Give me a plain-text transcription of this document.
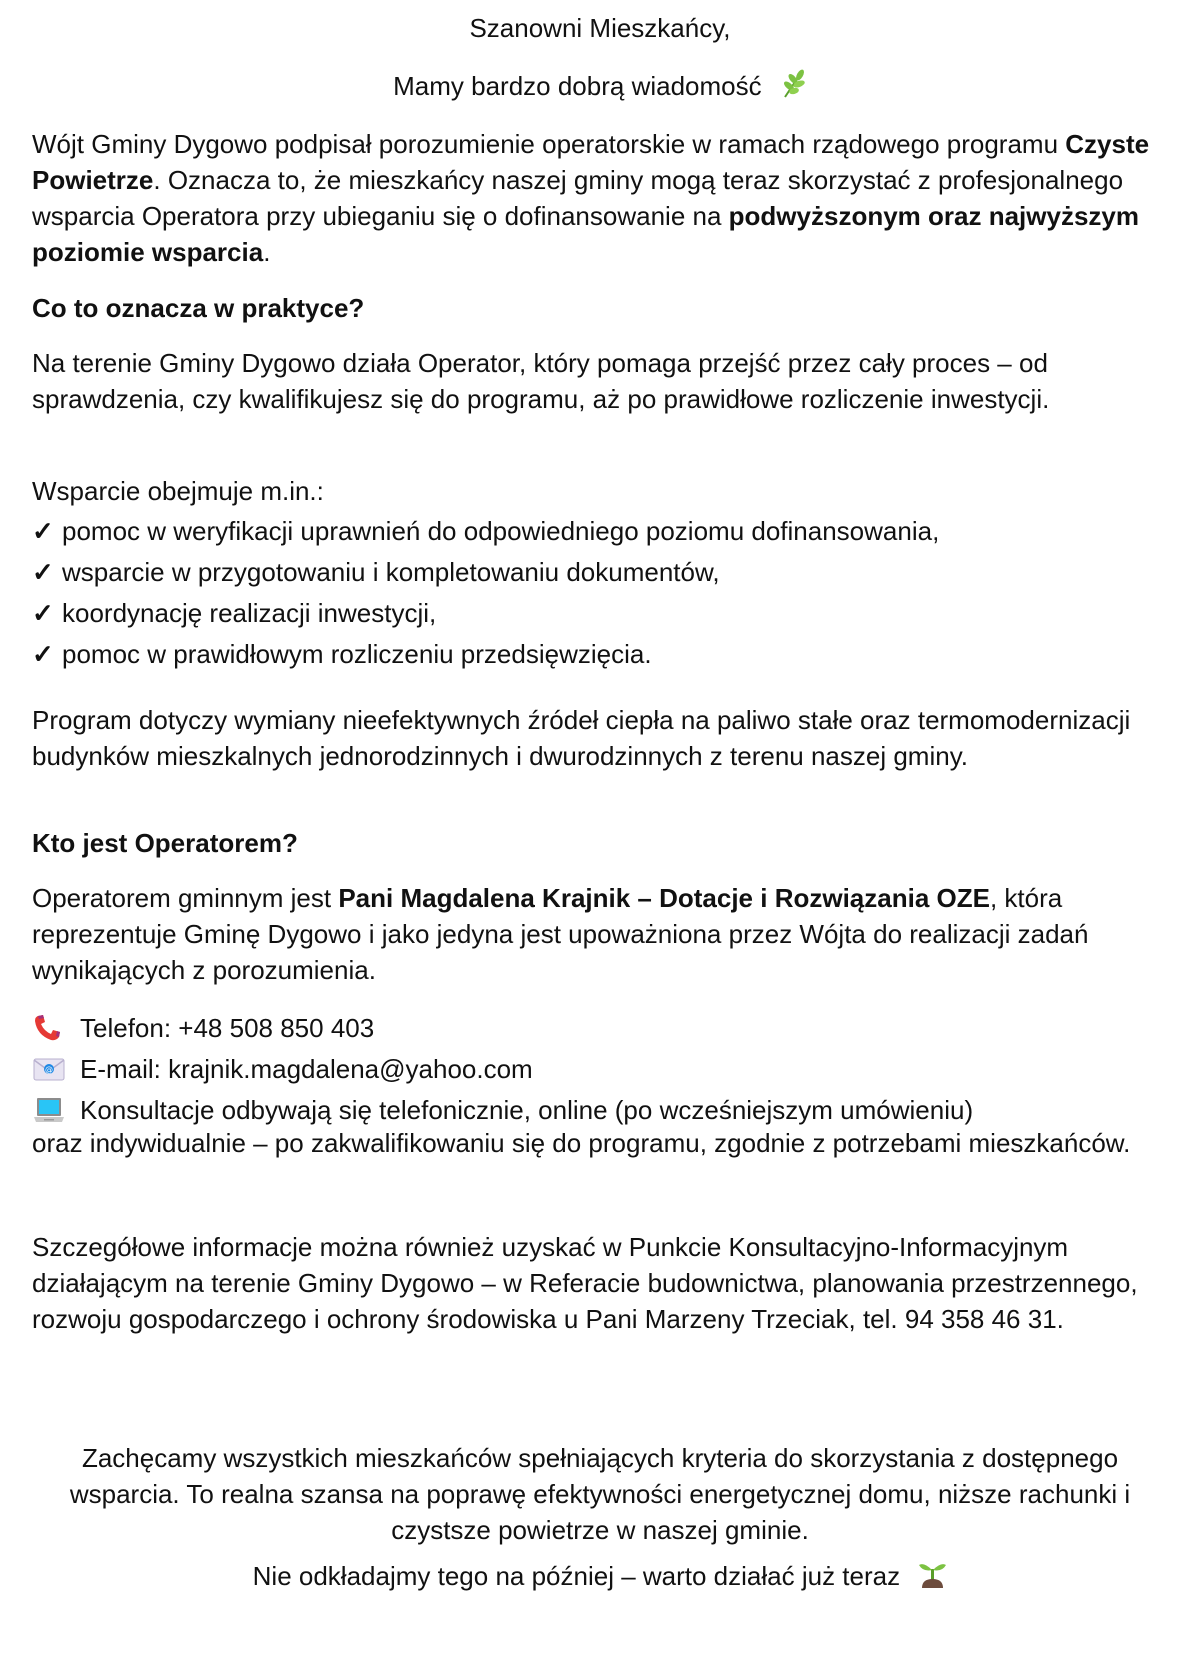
Szanowni Mieszkańcy,

Mamy bardzo dobrą wiadomość

Wójt Gminy Dygowo podpisał porozumienie operatorskie w ramach rządowego programu Czyste Powietrze. Oznacza to, że mieszkańcy naszej gminy mogą teraz skorzystać z profesjonalnego wsparcia Operatora przy ubieganiu się o dofinansowanie na podwyższonym oraz najwyższym poziomie wsparcia.

Co to oznacza w praktyce?

Na terenie Gminy Dygowo działa Operator, który pomaga przejść przez cały proces – od sprawdzenia, czy kwalifikujesz się do programu, aż po prawidłowe rozliczenie inwestycji.

Wsparcie obejmuje m.in.:

✓ pomoc w weryfikacji uprawnień do odpowiedniego poziomu dofinansowania,
✓ wsparcie w przygotowaniu i kompletowaniu dokumentów,
✓ koordynację realizacji inwestycji,
✓ pomoc w prawidłowym rozliczeniu przedsięwzięcia.

Program dotyczy wymiany nieefektywnych źródeł ciepła na paliwo stałe oraz termomodernizacji budynków mieszkalnych jednorodzinnych i dwurodzinnych z terenu naszej gminy.

Kto jest Operatorem?

Operatorem gminnym jest Pani Magdalena Krajnik – Dotacje i Rozwiązania OZE, która reprezentuje Gminę Dygowo i jako jedyna jest upoważniona przez Wójta do realizacji zadań wynikających z porozumienia.

Telefon: +48 508 850 403
@ E-mail: krajnik.magdalena@yahoo.com
Konsultacje odbywają się telefonicznie, online (po wcześniejszym umówieniu)

oraz indywidualnie – po zakwalifikowaniu się do programu, zgodnie z potrzebami mieszkańców.

Szczegółowe informacje można również uzyskać w Punkcie Konsultacyjno-Informacyjnym działającym na terenie Gminy Dygowo – w Referacie budownictwa, planowania przestrzennego, rozwoju gospodarczego i ochrony środowiska u Pani Marzeny Trzeciak, tel. 94 358 46 31.

Zachęcamy wszystkich mieszkańców spełniających kryteria do skorzystania z dostępnego wsparcia. To realna szansa na poprawę efektywności energetycznej domu, niższe rachunki i czystsze powietrze w naszej gminie.

Nie odkładajmy tego na później – warto działać już teraz
